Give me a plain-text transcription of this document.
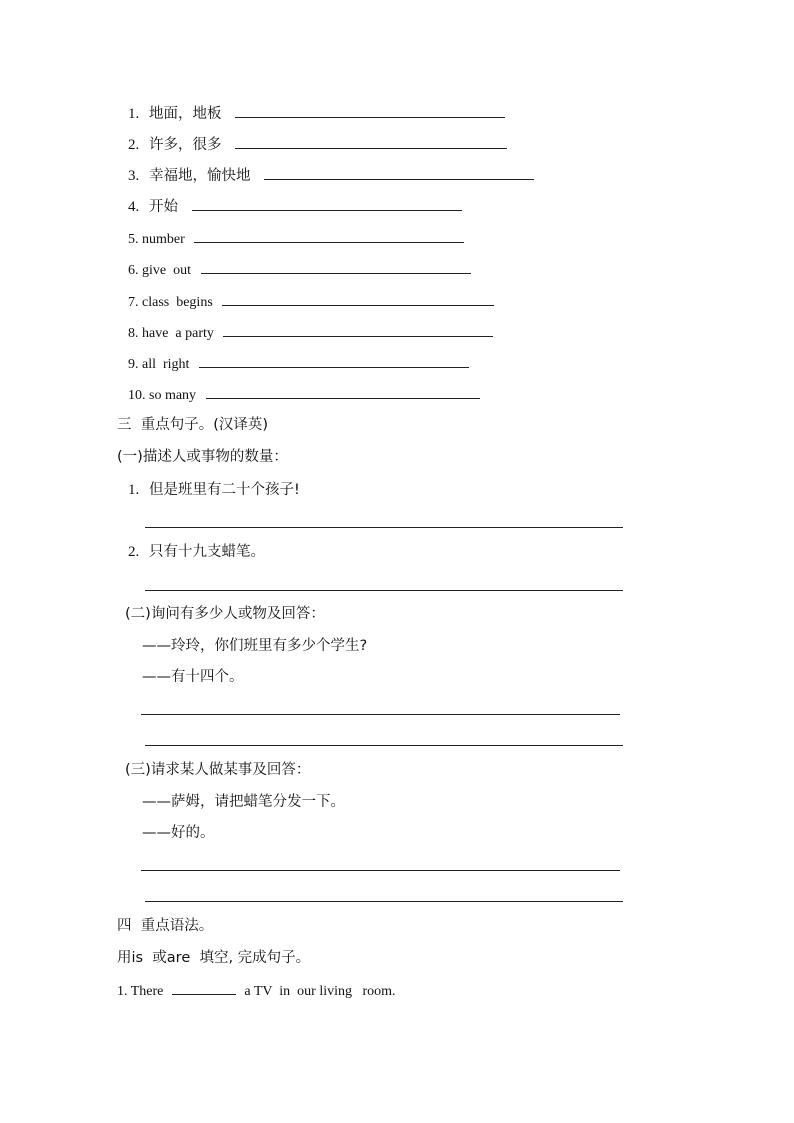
1. 地面，地板
2. 许多，很多
3. 幸福地，愉快地
4. 开始
5. number
6. give  out
7. class  begins
8. have  a party
9. all  right
10. so many
三  重点句子。(汉译英)
(一)描述人或事物的数量：
1. 但是班里有二十个孩子!
2. 只有十九支蜡笔。
(二)询问有多少人或物及回答：
——玲玲，你们班里有多少个学生?
——有十四个。
(三)请求某人做某事及回答：
——萨姆，请把蜡笔分发一下。
——好的。
四  重点语法。
用is  或are  填空, 完成句子。
1. There	a TV  in  our living   room.
